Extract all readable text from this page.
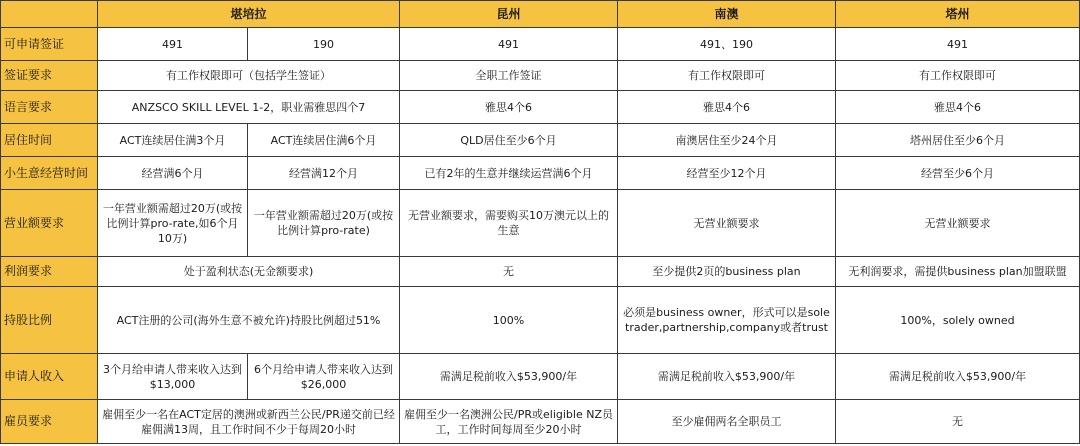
	堪培拉		昆州	南澳	塔州
可申请签证	491	190	491	491、190	491
签证要求	有工作权限即可（包括学生签证）		全职工作签证	有工作权限即可	有工作权限即可
语言要求	ANZSCO SKILL LEVEL 1-2，职业需雅思四个7		雅思4个6	雅思4个6	雅思4个6
居住时间	ACT连续居住满3个月	ACT连续居住满6个月	QLD居住至少6个月	南澳居住至少24个月	塔州居住至少6个月
小生意经营时间	经营满6个月	经营满12个月	已有2年的生意并继续运营满6个月	经营至少12个月	经营至少6个月
营业额要求	一年营业额需超过20万(或按比例计算pro-rate,如6个月10万)	一年营业额需超过20万(或按比例计算pro-rate)	无营业额要求，需要购买10万澳元以上的生意	无营业额要求	无营业额要求
利润要求	处于盈利状态(无金额要求)		无	至少提供2页的business plan	无利润要求，需提供business plan加盟联盟
持股比例	ACT注册的公司(海外生意不被允许)持股比例超过51%		100%	必须是business owner，形式可以是sole trader,partnership,company或者trust	100%，solely owned
申请人收入	3个月给申请人带来收入达到$13,000	6个月给申请人带来收入达到$26,000	需满足税前收入$53,900/年	需满足税前收入$53,900/年	需满足税前收入$53,900/年
雇员要求	雇佣至少一名在ACT定居的澳洲或新西兰公民/PR递交前已经雇佣满13周，且工作时间不少于每周20小时		雇佣至少一名澳洲公民/PR或eligible NZ员工，工作时间每周至少20小时	至少雇佣两名全职员工	无
